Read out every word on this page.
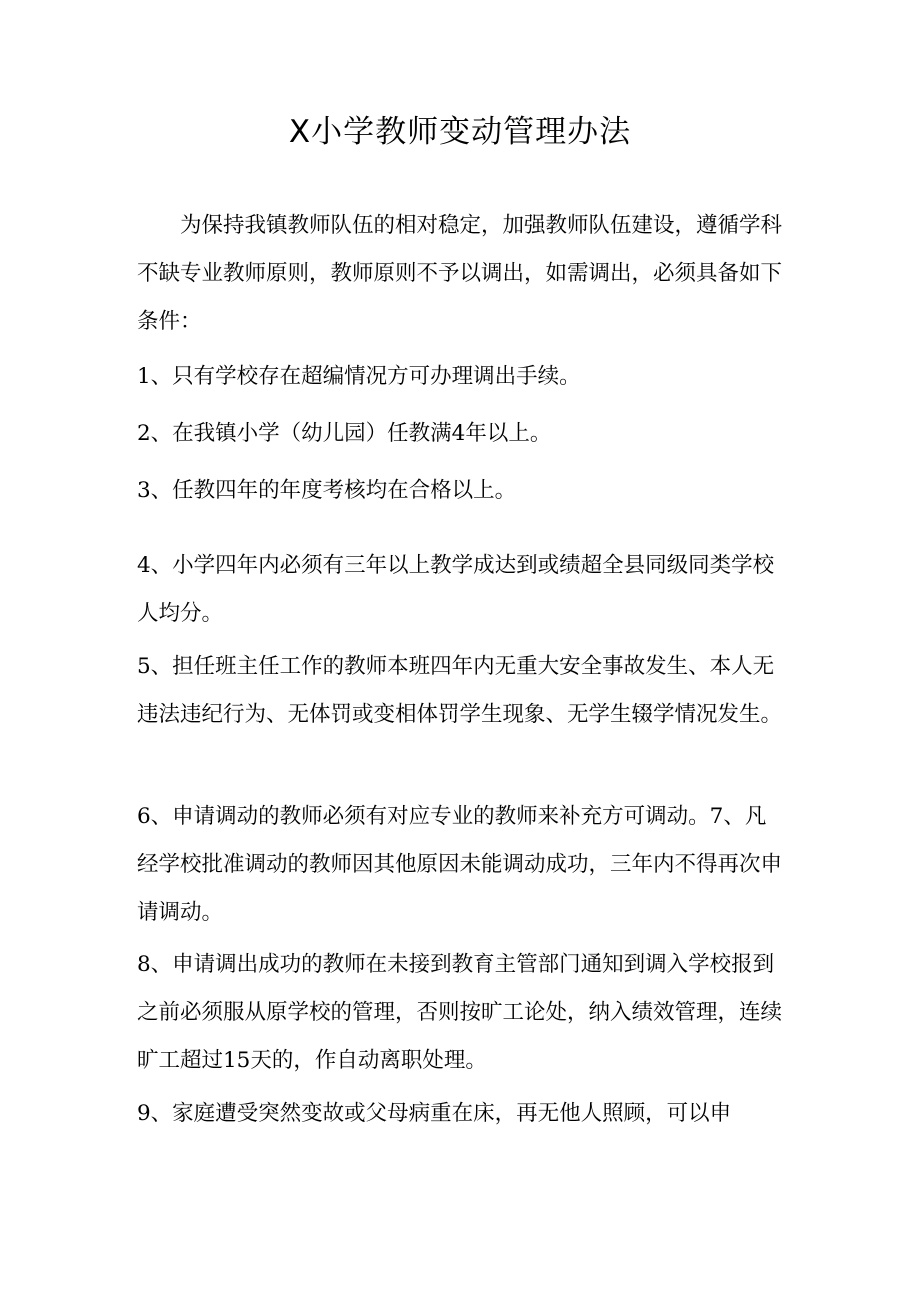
X小学教师变动管理办法
为保持我镇教师队伍的相对稳定，加强教师队伍建设，遵循学科不缺专业教师原则，教师原则不予以调出，如需调出，必须具备如下条件：
1、只有学校存在超编情况方可办理调出手续。
2、在我镇小学（幼儿园）任教满4年以上。
3、任教四年的年度考核均在合格以上。
4、小学四年内必须有三年以上教学成达到或绩超全县同级同类学校人均分。
5、担任班主任工作的教师本班四年内无重大安全事故发生、本人无违法违纪行为、无体罚或变相体罚学生现象、无学生辍学情况发生。
6、申请调动的教师必须有对应专业的教师来补充方可调动。7、凡经学校批准调动的教师因其他原因未能调动成功，三年内不得再次申请调动。
8、申请调出成功的教师在未接到教育主管部门通知到调入学校报到之前必须服从原学校的管理，否则按旷工论处，纳入绩效管理，连续旷工超过15天的，作自动离职处理。
9、家庭遭受突然变故或父母病重在床，再无他人照顾，可以申
